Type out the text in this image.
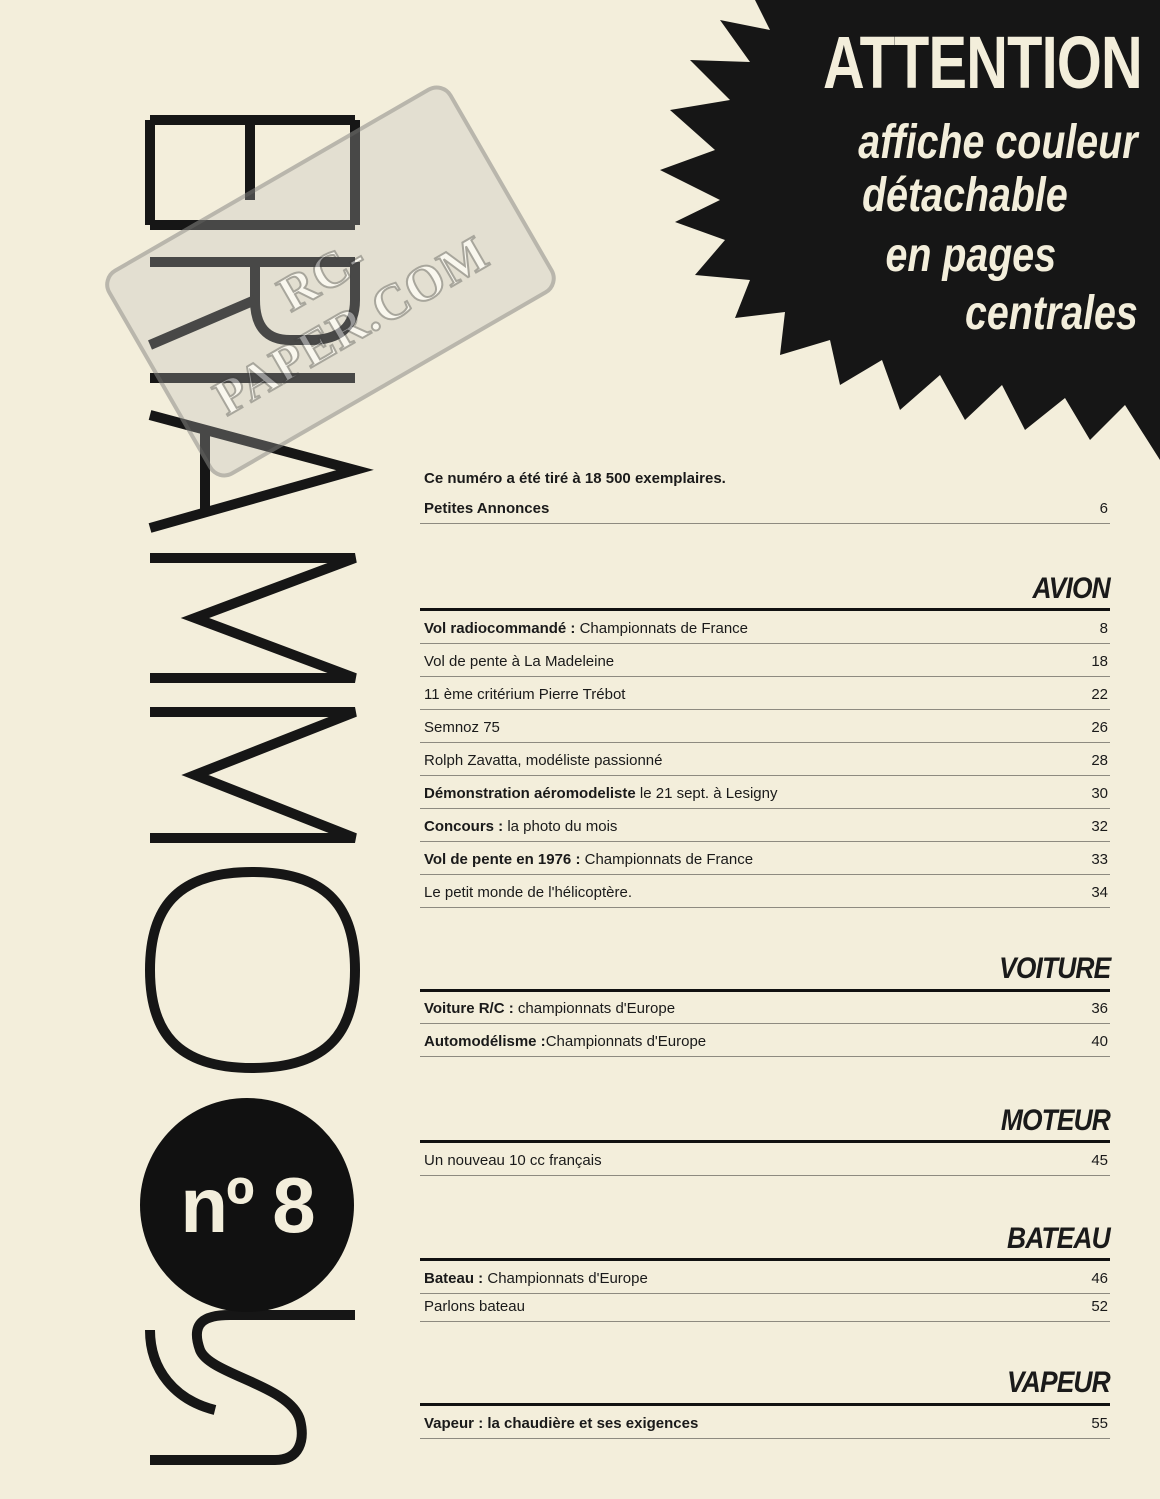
RC-PAPER.COM
nº 8
ATTENTION
affiche couleur
détachable
en pages
centrales
Ce numéro a été tiré à 18 500 exemplaires.
Petites Annonces	6
AVION
Vol radiocommandé : Championnats de France	8
Vol de pente à La Madeleine	18
11 ème critérium Pierre Trébot	22
Semnoz 75	26
Rolph Zavatta, modéliste passionné	28
Démonstration aéromodeliste le 21 sept. à Lesigny	30
Concours : la photo du mois	32
Vol de pente en 1976 : Championnats de France	33
Le petit monde de l'hélicoptère.	34
VOITURE
Voiture R/C : championnats d'Europe	36
Automodélisme :Championnats d'Europe	40
MOTEUR
Un nouveau 10 cc français	45
BATEAU
Bateau : Championnats d'Europe	46
Parlons bateau	52
VAPEUR
Vapeur : la chaudière et ses exigences	55
